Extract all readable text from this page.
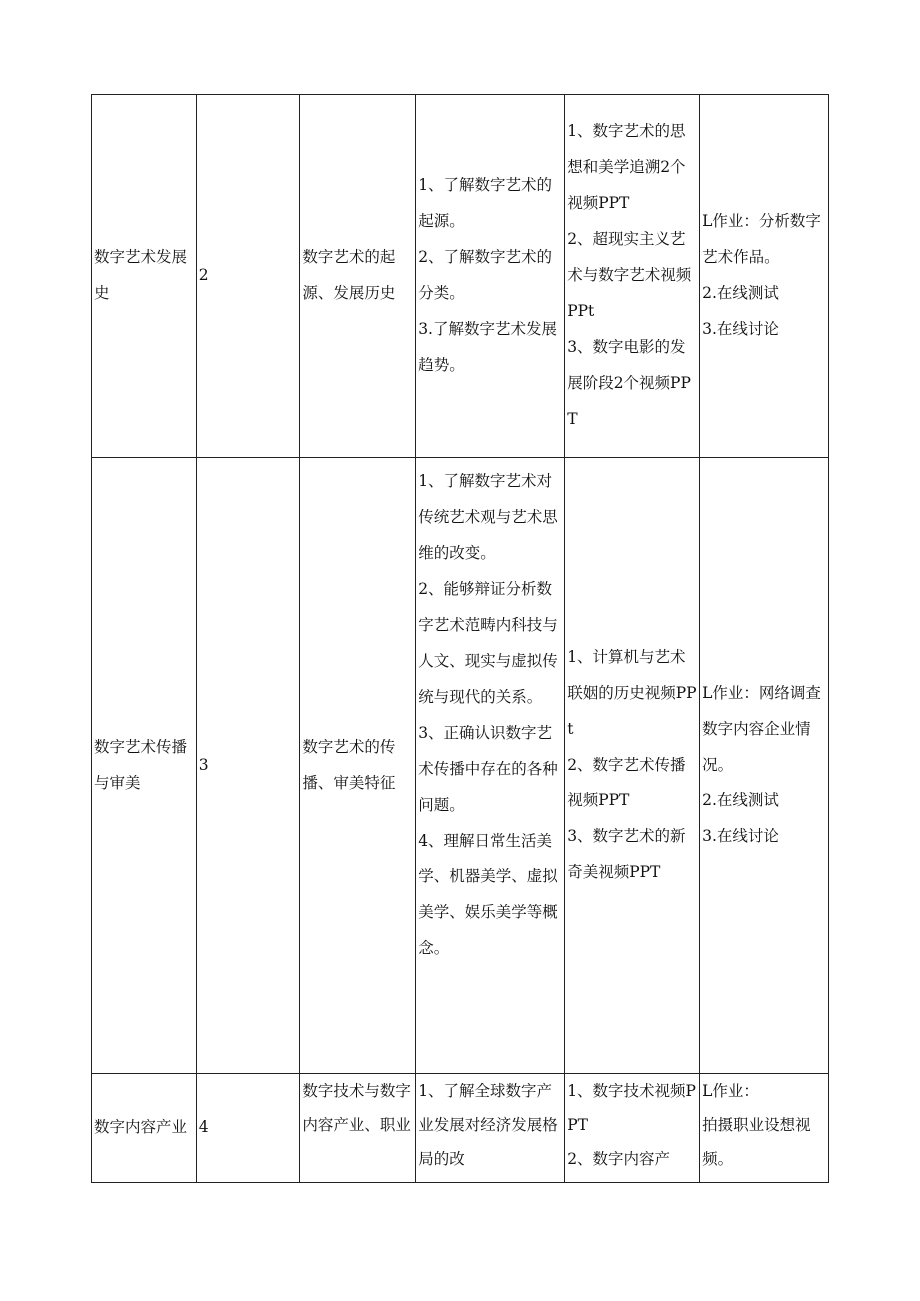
数字艺术发展史	2	数字艺术的起源、发展历史	1、了解数字艺术的起源。
2、了解数字艺术的分类。
3.了解数字艺术发展趋势。	1、数字艺术的思想和美学追溯2个视频PPT
2、超现实主义艺术与数字艺术视频PPt
3、数字电影的发展阶段2个视频PPT	L作业：分析数字艺术作品。
2.在线测试
3.在线讨论

数字艺术传播与审美	3	数字艺术的传播、审美特征	1、了解数字艺术对传统艺术观与艺术思维的改变。
2、能够辩证分析数字艺术范畴内科技与人文、现实与虚拟传统与现代的关系。
3、正确认识数字艺术传播中存在的各种问题。
4、理解日常生活美学、机器美学、虚拟美学、娱乐美学等概念。	1、计算机与艺术联姻的历史视频PPt
2、数字艺术传播视频PPT
3、数字艺术的新奇美视频PPT	L作业：网络调查数字内容企业情况。
2.在线测试
3.在线讨论

数字内容产业	4	数字技术与数字内容产业、职业	1、了解全球数字产业发展对经济发展格局的改	1、数字技术视频PPT
2、数字内容产	L作业：
拍摄职业设想视频。
